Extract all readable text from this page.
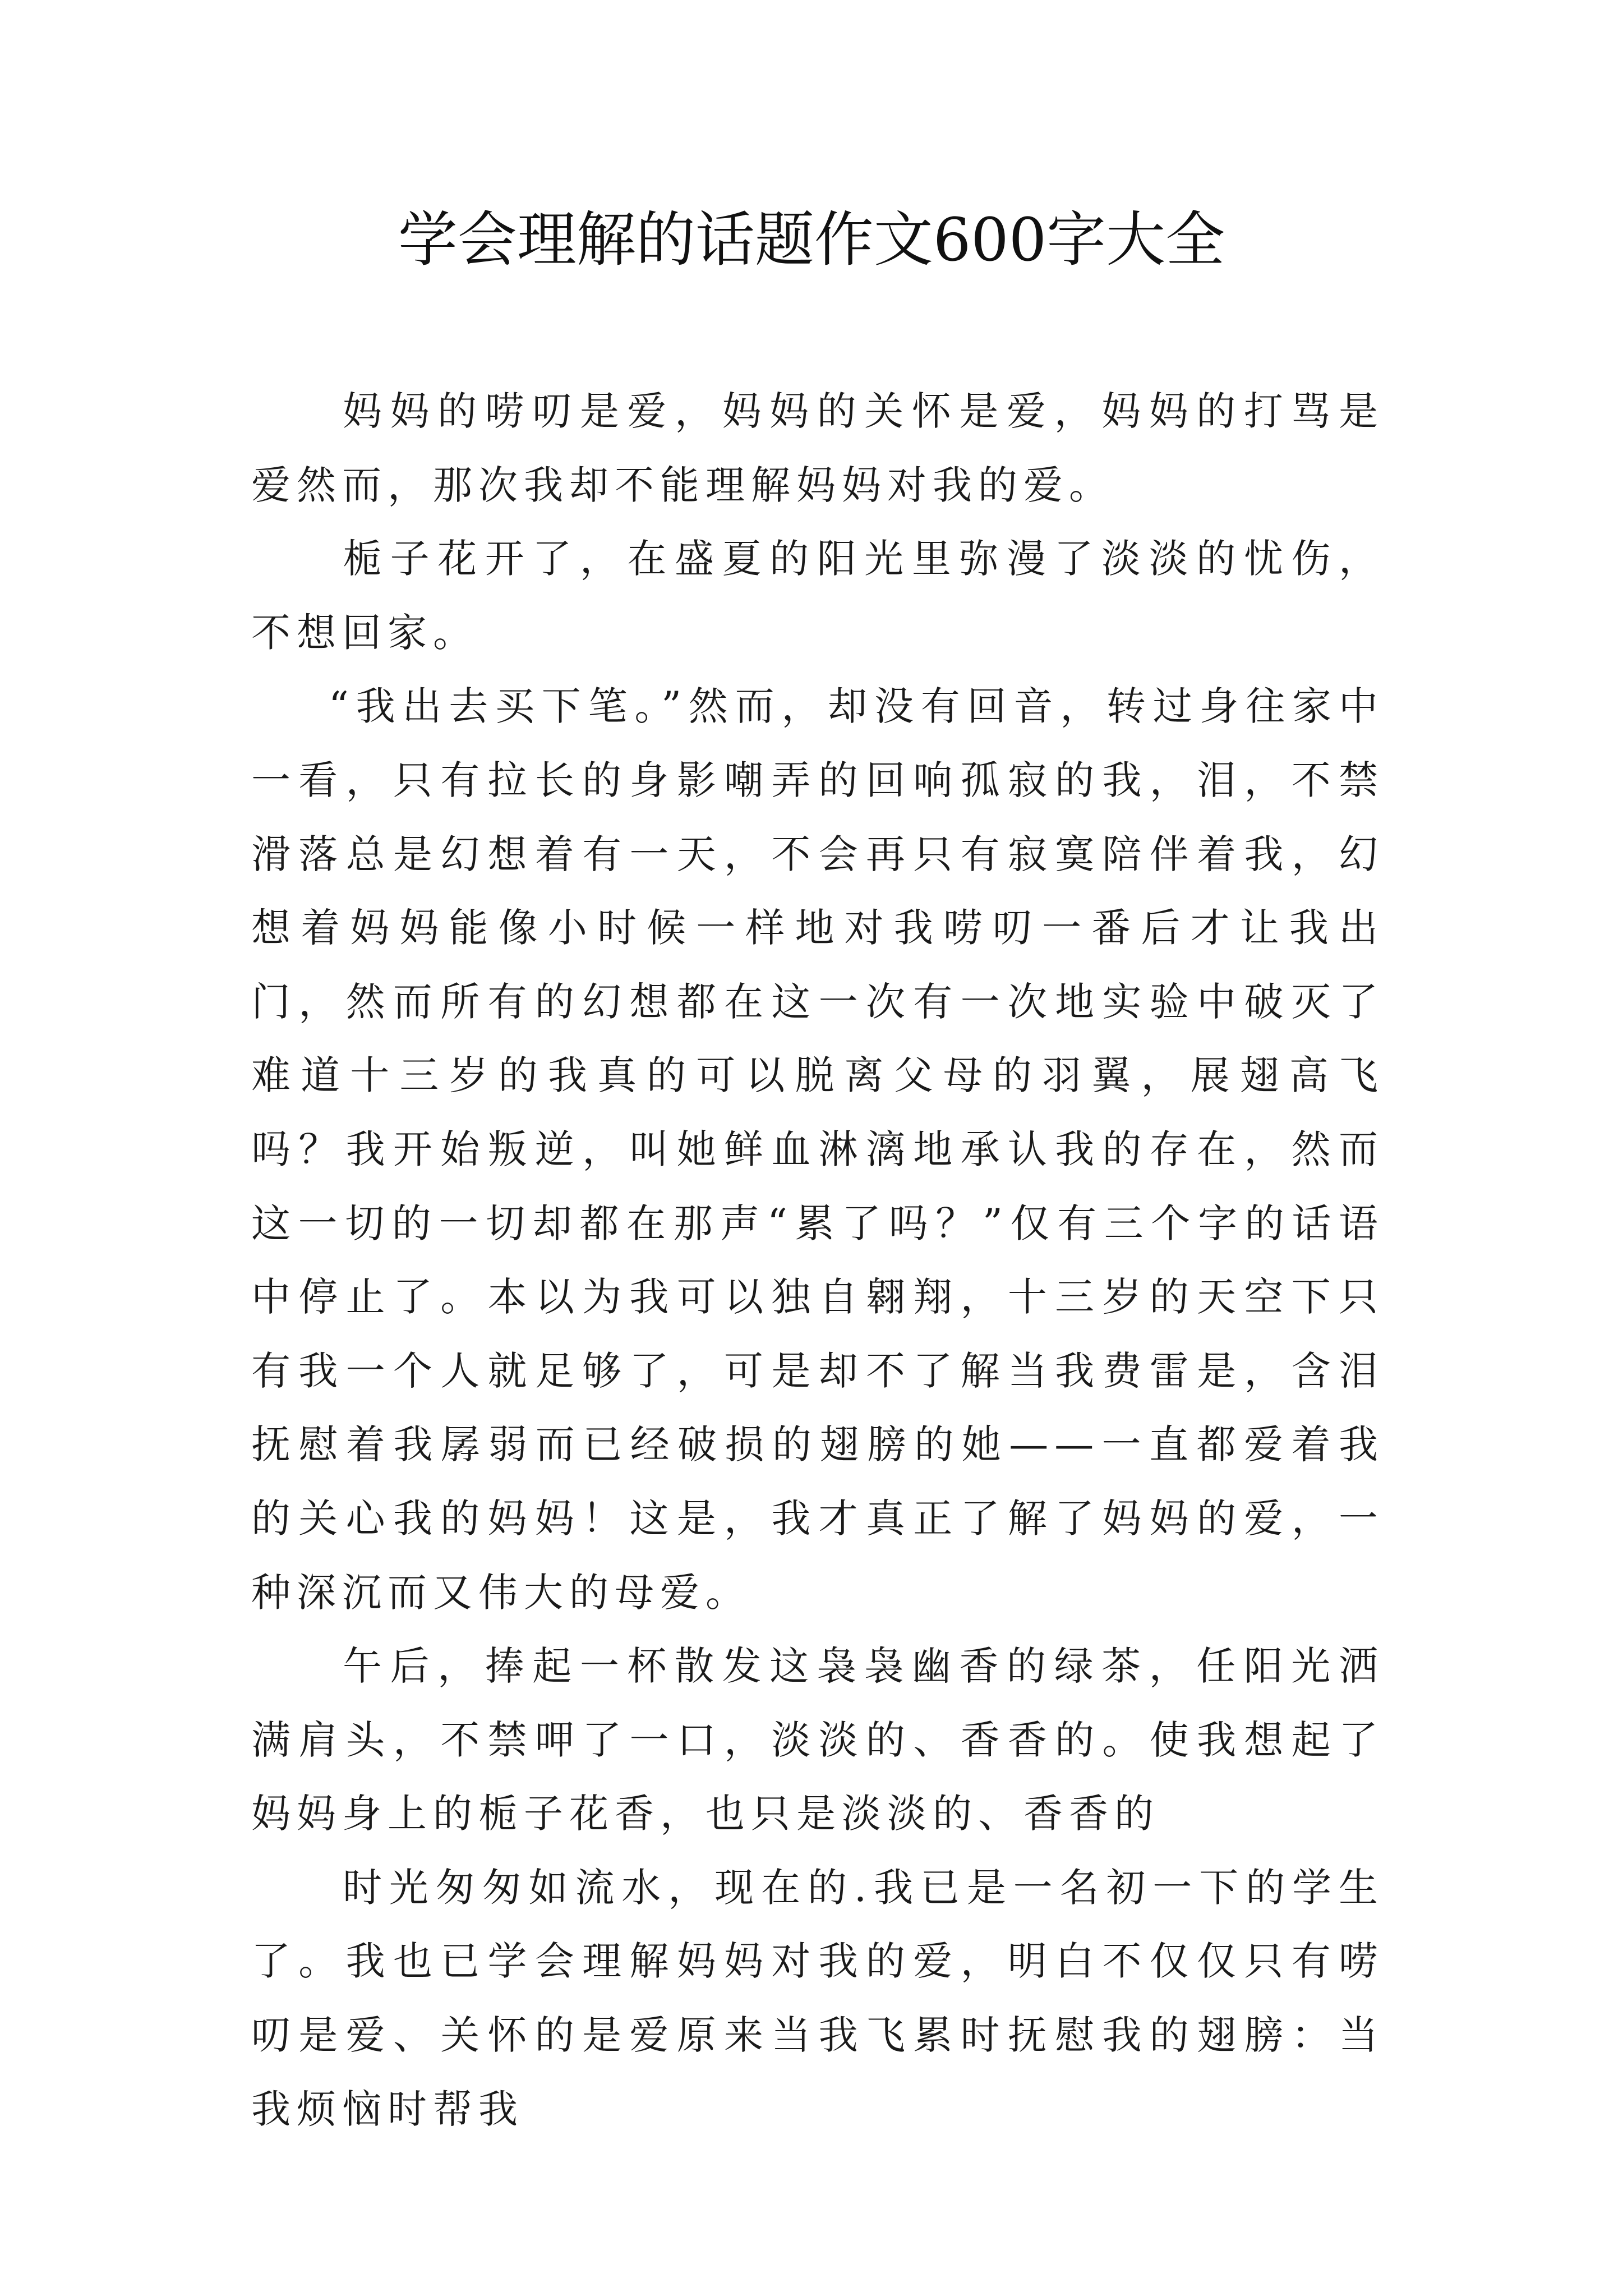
学会理解的话题作文600字大全

妈妈的唠叨是爱，妈妈的关怀是爱，妈妈的打骂是爱然而，那次我却不能理解妈妈对我的爱。

栀子花开了，在盛夏的阳光里弥漫了淡淡的忧伤，不想回家。

“我出去买下笔。”然而，却没有回音，转过身往家中一看，只有拉长的身影嘲弄的回响孤寂的我，泪，不禁滑落总是幻想着有一天，不会再只有寂寞陪伴着我，幻想着妈妈能像小时候一样地对我唠叨一番后才让我出门，然而所有的幻想都在这一次有一次地实验中破灭了难道十三岁的我真的可以脱离父母的羽翼，展翅高飞吗？我开始叛逆，叫她鲜血淋漓地承认我的存在，然而这一切的一切却都在那声“累了吗？”仅有三个字的话语中停止了。本以为我可以独自翱翔，十三岁的天空下只有我一个人就足够了，可是却不了解当我费雷是，含泪抚慰着我孱弱而已经破损的翅膀的她——一直都爱着我的关心我的妈妈！这是，我才真正了解了妈妈的爱，一种深沉而又伟大的母爱。

午后，捧起一杯散发这袅袅幽香的绿茶，任阳光洒满肩头，不禁呷了一口，淡淡的、香香的。使我想起了妈妈身上的栀子花香，也只是淡淡的、香香的

时光匆匆如流水，现在的.我已是一名初一下的学生了。我也已学会理解妈妈对我的爱，明白不仅仅只有唠叨是爱、关怀的是爱原来当我飞累时抚慰我的翅膀：当我烦恼时帮我
